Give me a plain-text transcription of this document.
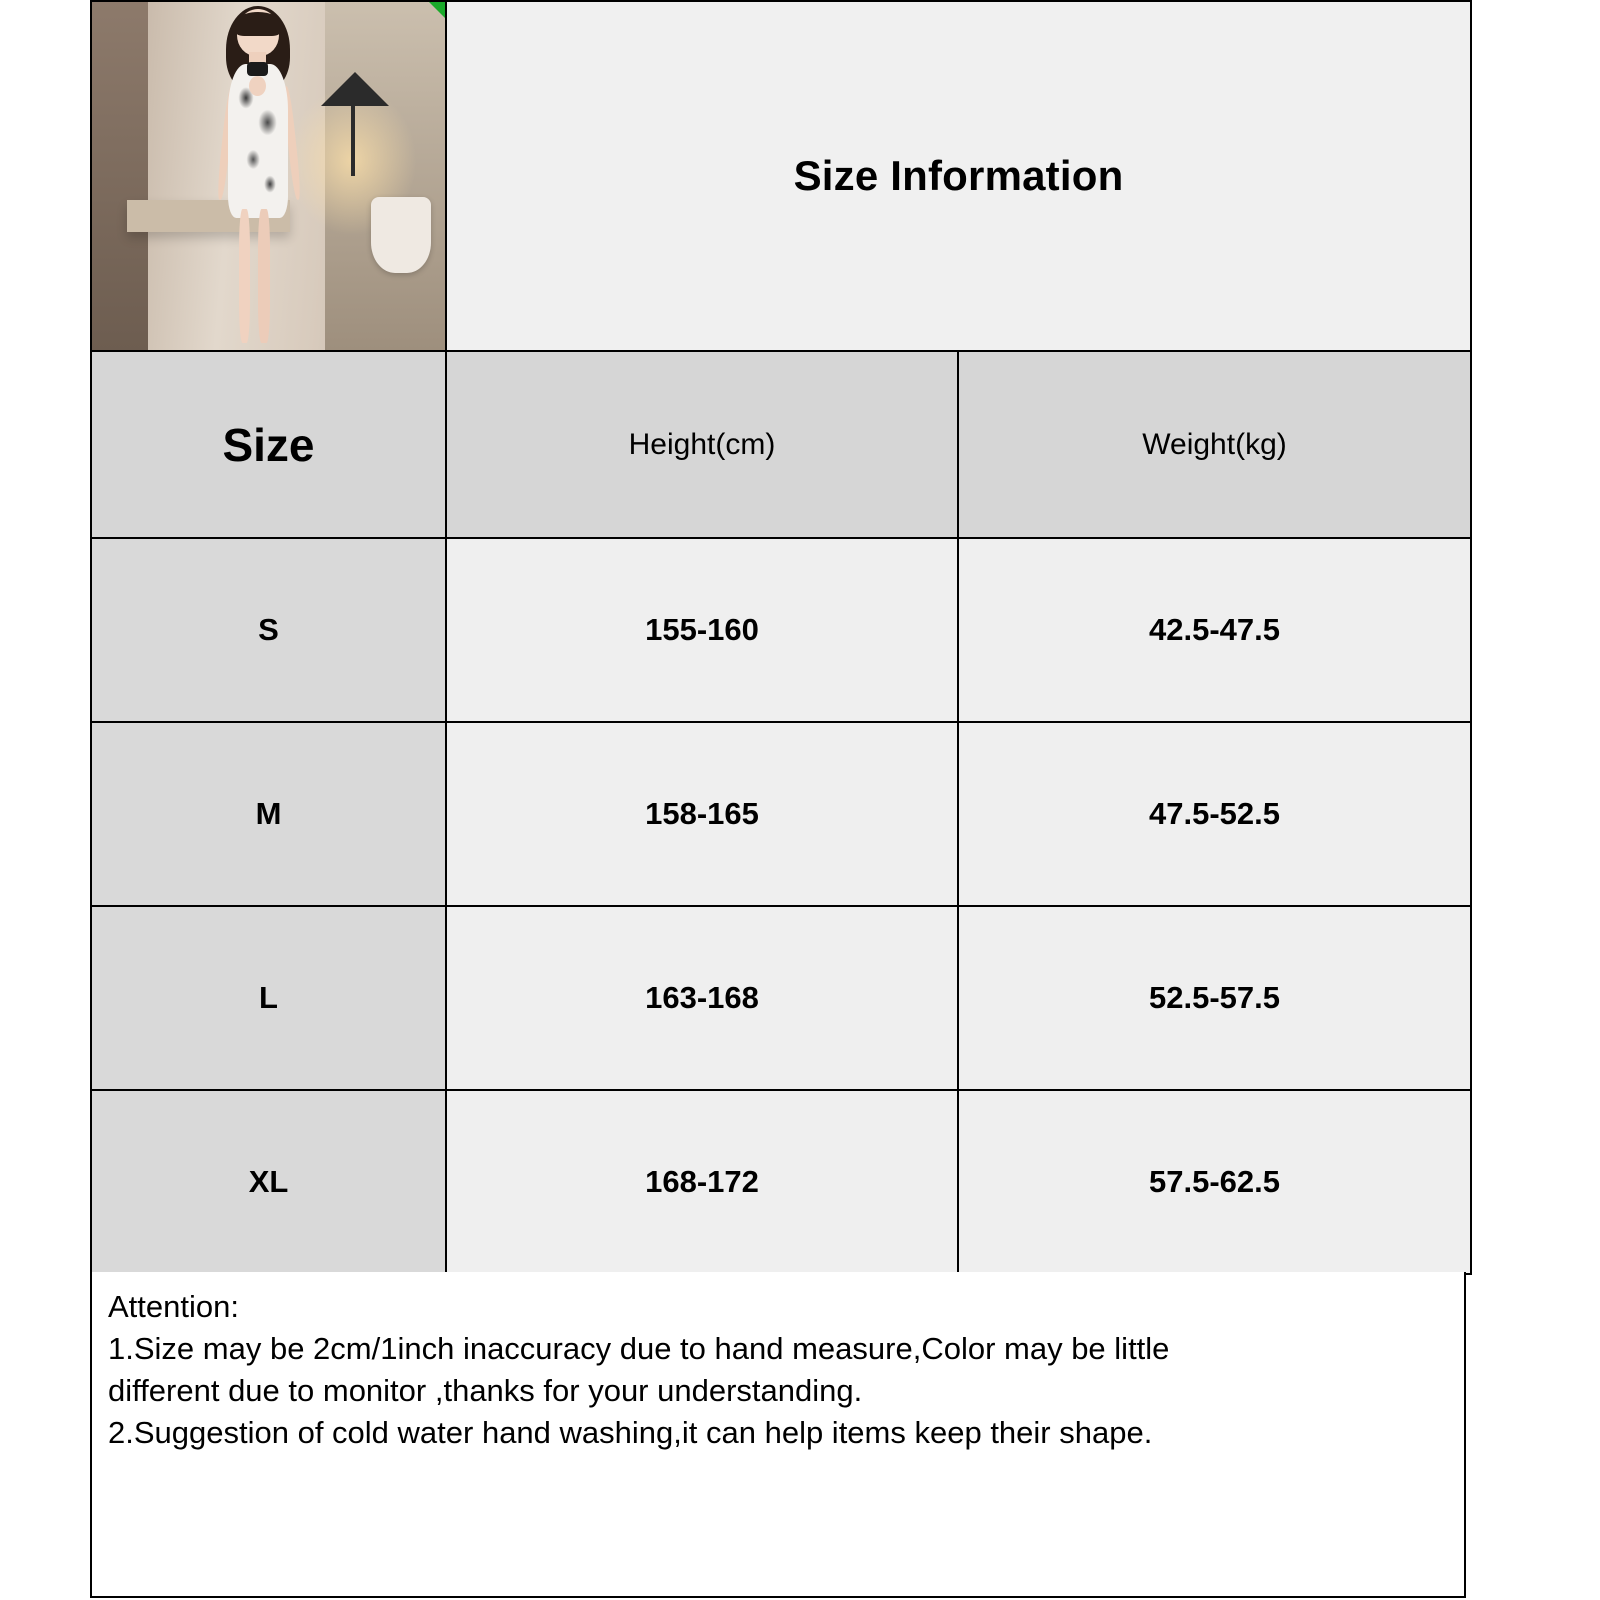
	Size Information	
Size	Height(cm)	Weight(kg)
S	155-160	42.5-47.5
M	158-165	47.5-52.5
L	163-168	52.5-57.5
XL	168-172	57.5-62.5

Attention:

1.Size may be 2cm/1inch inaccuracy due to hand measure,Color may be little

different due to monitor ,thanks for your understanding.

2.Suggestion of cold water hand washing,it can help items keep their shape.
